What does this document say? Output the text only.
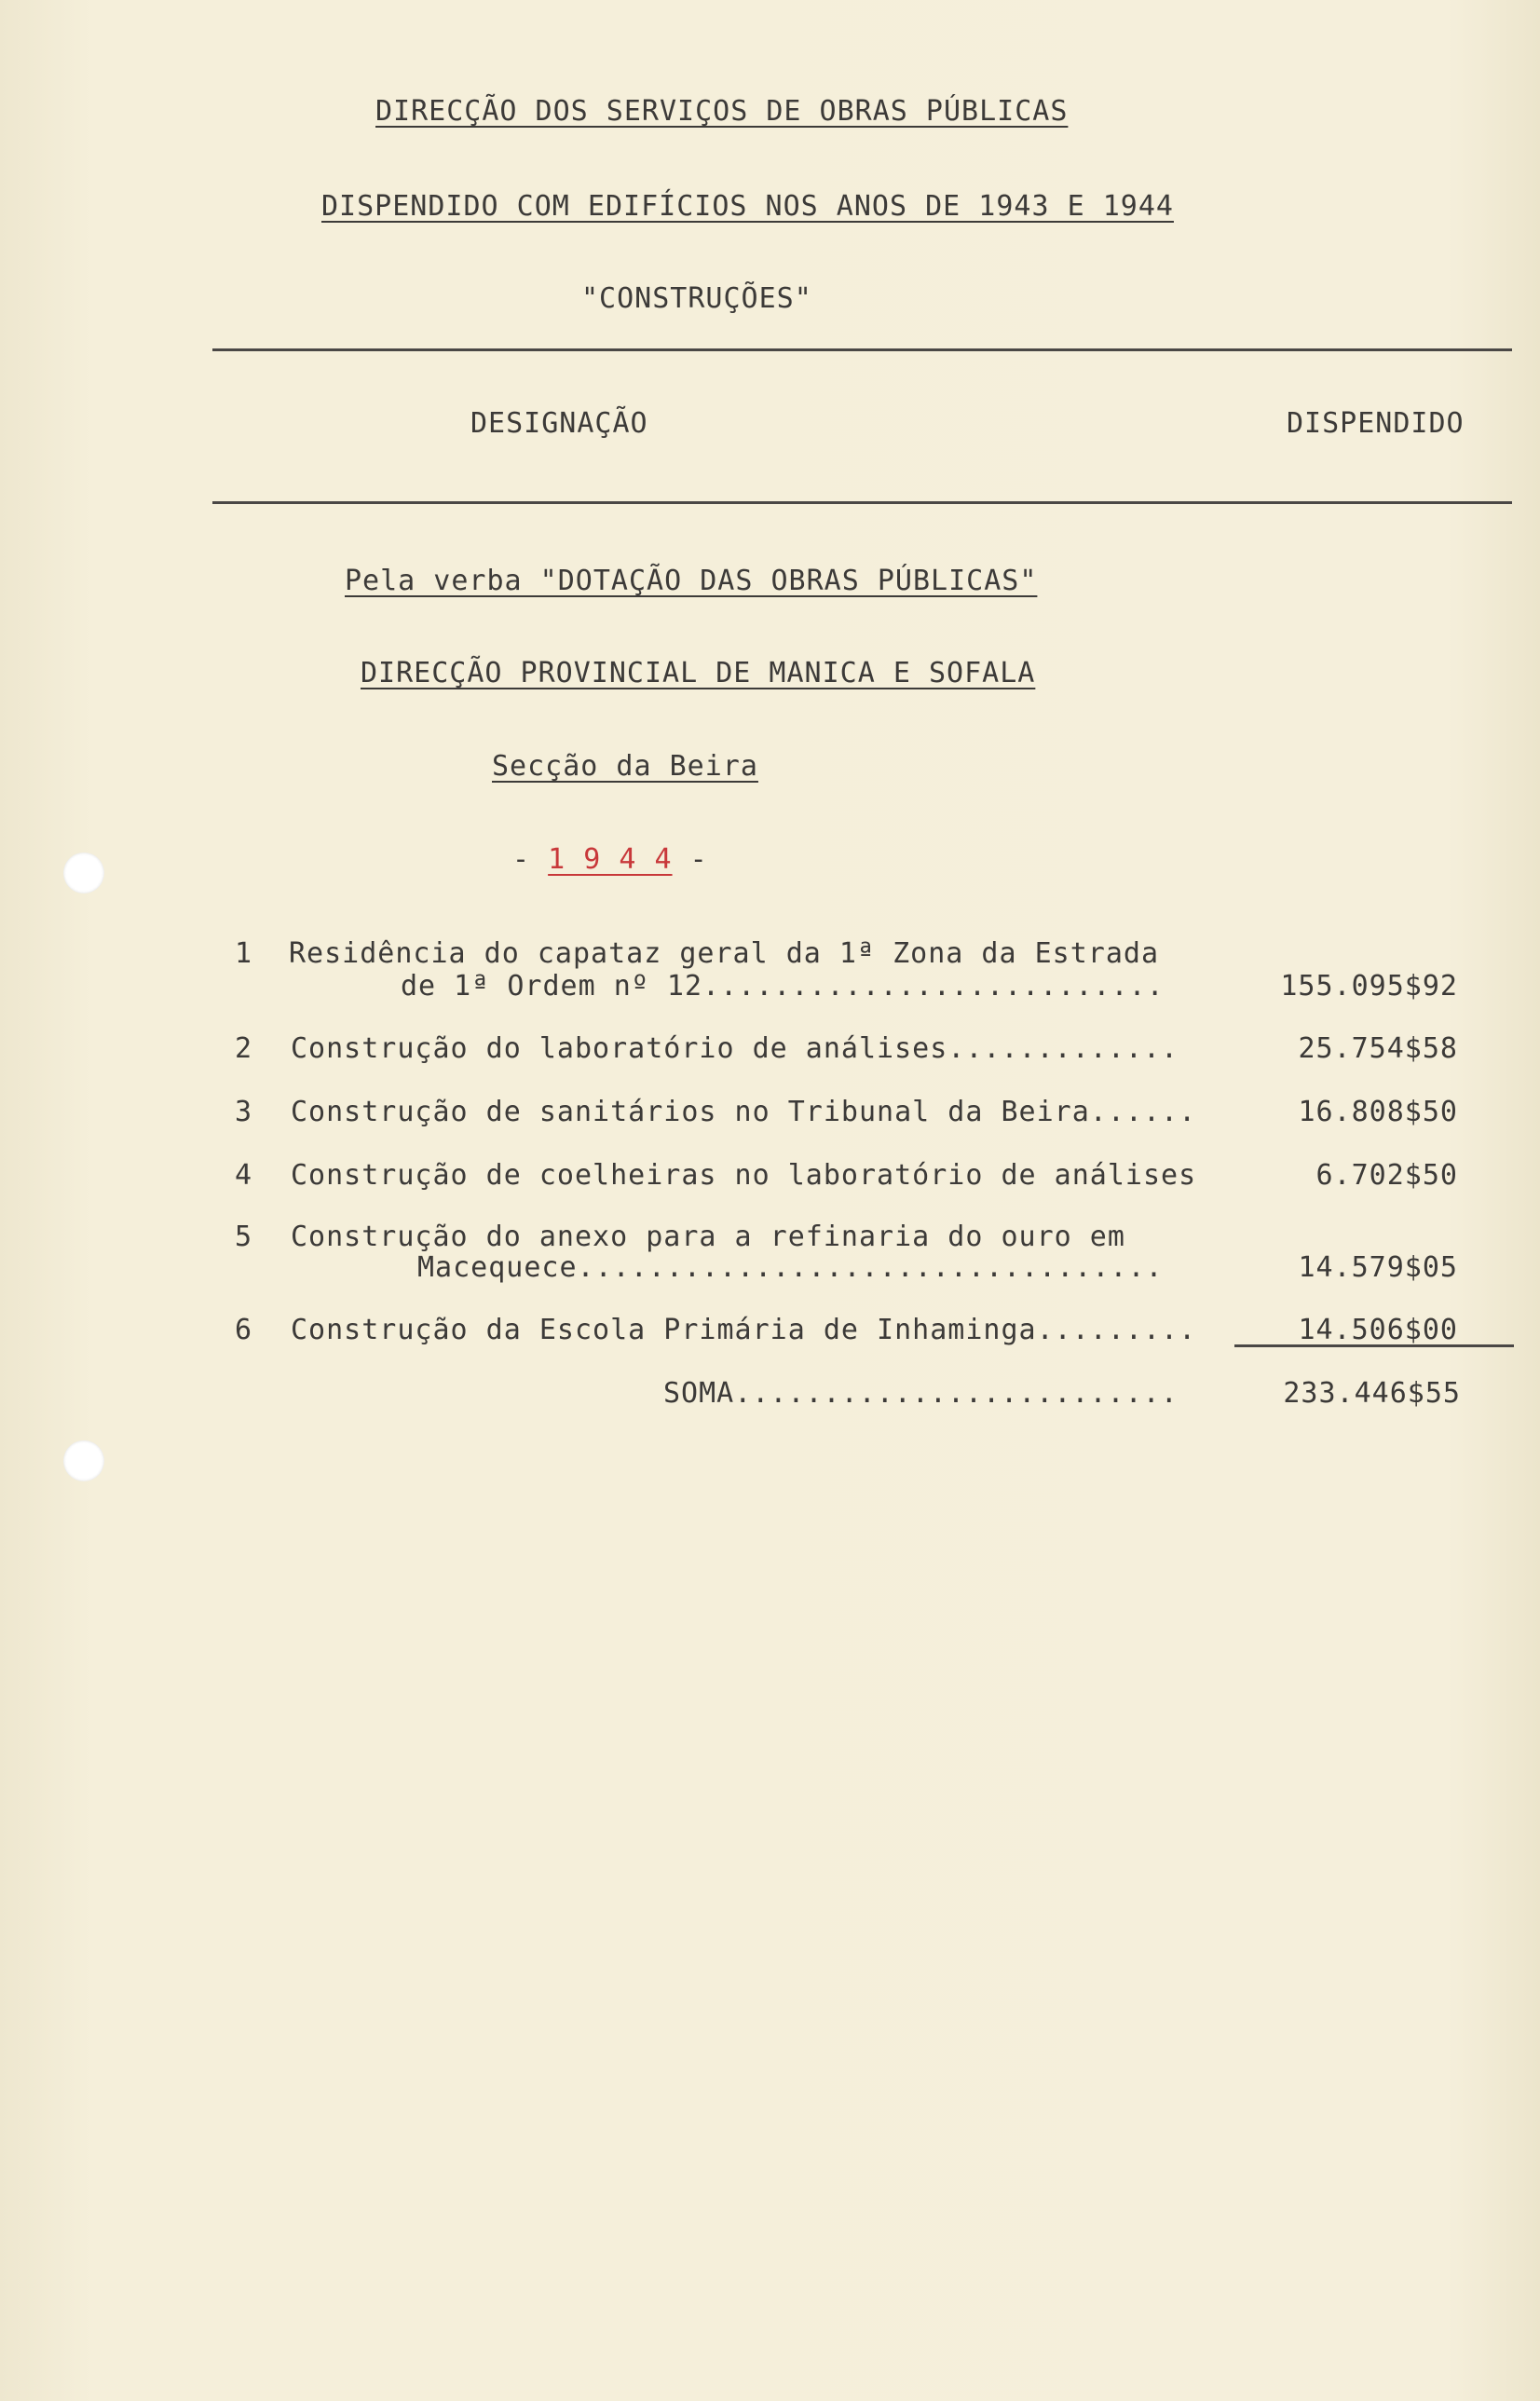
DIRECÇÃO DOS SERVIÇOS DE OBRAS PÚBLICAS
DISPENDIDO COM EDIFÍCIOS NOS ANOS DE 1943 E 1944
"CONSTRUÇÕES"
DESIGNAÇÃO	DISPENDIDO
Pela verba "DOTAÇÃO DAS OBRAS PÚBLICAS"
DIRECÇÃO PROVINCIAL DE MANICA E SOFALA
Secção da Beira
- 1 9 4 4 -
1 Residência do capataz geral da 1ª Zona da Estrada
de 1ª Ordem nº 12..........................	155.095$92
2 Construção do laboratório de análises.............	25.754$58
3 Construção de sanitários no Tribunal da Beira......	16.808$50
4 Construção de coelheiras no laboratório de análises	6.702$50
5 Construção do anexo para a refinaria do ouro em
Macequece.................................	14.579$05
6 Construção da Escola Primária de Inhaminga.........	14.506$00
SOMA.........................	233.446$55
